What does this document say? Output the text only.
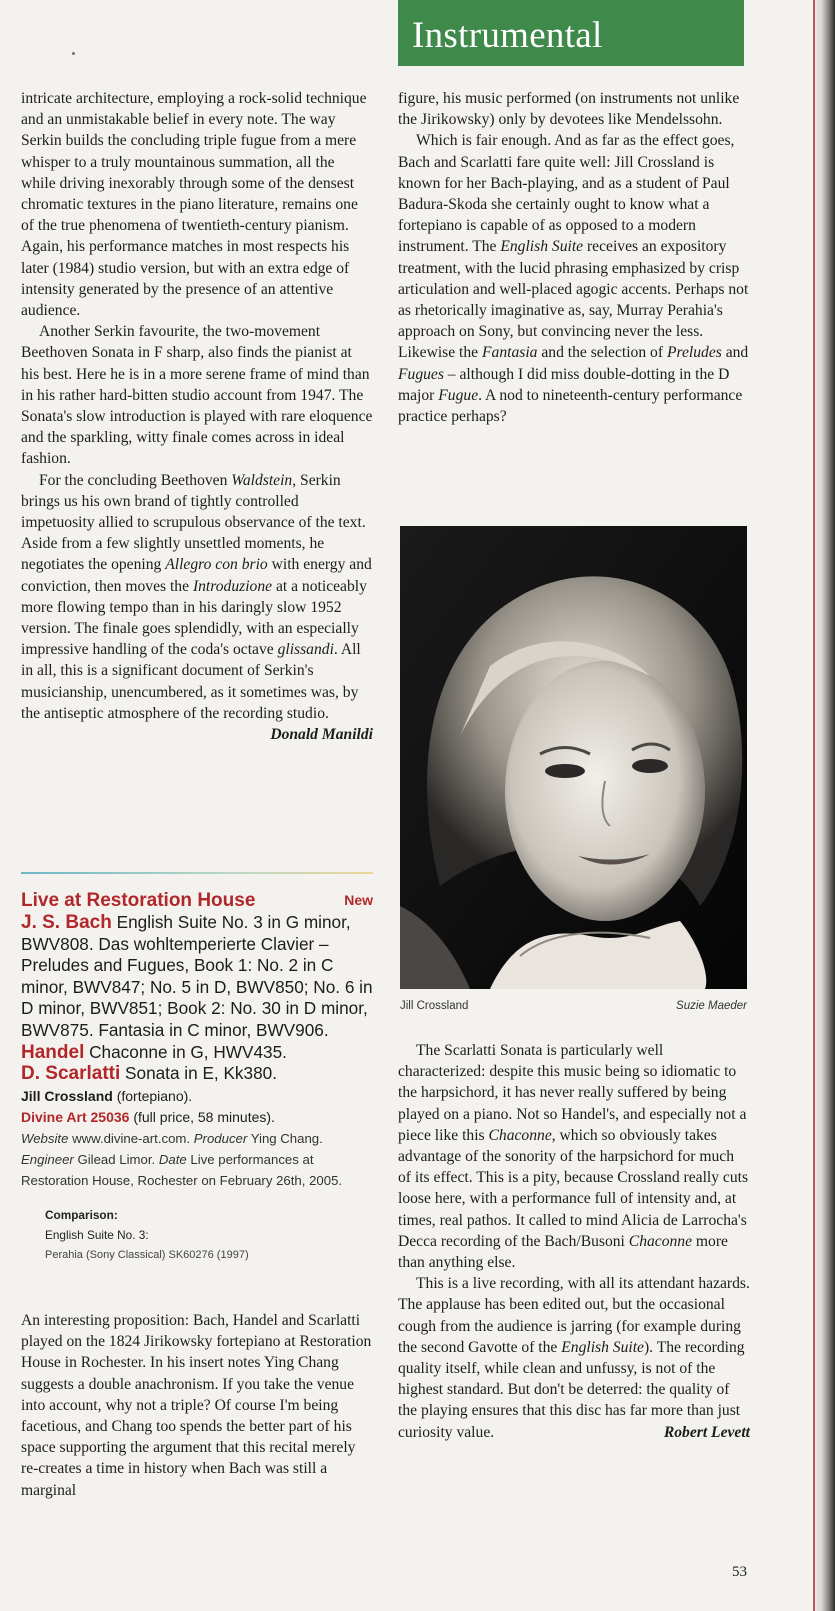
Instrumental

intricate architecture, employing a rock-solid technique and an unmistakable belief in every note. The way Serkin builds the concluding triple fugue from a mere whisper to a truly mountainous summation, all the while driving inexorably through some of the densest chromatic textures in the piano literature, remains one of the true phenomena of twentieth-century pianism. Again, his performance matches in most respects his later (1984) studio version, but with an extra edge of intensity generated by the presence of an attentive audience.

Another Serkin favourite, the two-movement Beethoven Sonata in F sharp, also finds the pianist at his best. Here he is in a more serene frame of mind than in his rather hard-bitten studio account from 1947. The Sonata's slow introduction is played with rare eloquence and the sparkling, witty finale comes across in ideal fashion.

For the concluding Beethoven Waldstein, Serkin brings us his own brand of tightly controlled impetuosity allied to scrupulous observance of the text. Aside from a few slightly unsettled moments, he negotiates the opening Allegro con brio with energy and conviction, then moves the Introduzione at a noticeably more flowing tempo than in his daringly slow 1952 version. The finale goes splendidly, with an especially impressive handling of the coda's octave glissandi. All in all, this is a significant document of Serkin's musicianship, unencumbered, as it sometimes was, by the antiseptic atmosphere of the recording studio.
Donald Manildi

Live at Restoration House	New

J. S. Bach English Suite No. 3 in G minor, BWV808. Das wohltemperierte Clavier – Preludes and Fugues, Book 1: No. 2 in C minor, BWV847; No. 5 in D, BWV850; No. 6 in D minor, BWV851; Book 2: No. 30 in D minor, BWV875. Fantasia in C minor, BWV906.

Handel Chaconne in G, HWV435.

D. Scarlatti Sonata in E, Kk380.

Jill Crossland (fortepiano).

Divine Art 25036 (full price, 58 minutes).

Website www.divine-art.com. Producer Ying Chang. Engineer Gilead Limor. Date Live performances at Restoration House, Rochester on February 26th, 2005.

Comparison:
English Suite No. 3:
Perahia (Sony Classical) SK60276 (1997)

An interesting proposition: Bach, Handel and Scarlatti played on the 1824 Jirikowsky fortepiano at Restoration House in Rochester. In his insert notes Ying Chang suggests a double anachronism. If you take the venue into account, why not a triple? Of course I'm being facetious, and Chang too spends the better part of his space supporting the argument that this recital merely re-creates a time in history when Bach was still a marginal

figure, his music performed (on instruments not unlike the Jirikowsky) only by devotees like Mendelssohn.

Which is fair enough. And as far as the effect goes, Bach and Scarlatti fare quite well: Jill Crossland is known for her Bach-playing, and as a student of Paul Badura-Skoda she certainly ought to know what a fortepiano is capable of as opposed to a modern instrument. The English Suite receives an expository treatment, with the lucid phrasing emphasized by crisp articulation and well-placed agogic accents. Perhaps not as rhetorically imaginative as, say, Murray Perahia's approach on Sony, but convincing never the less. Likewise the Fantasia and the selection of Preludes and Fugues – although I did miss double-dotting in the D major Fugue. A nod to nineteenth-century performance practice perhaps?

Jill Crossland	Suzie Maeder

The Scarlatti Sonata is particularly well characterized: despite this music being so idiomatic to the harpsichord, it has never really suffered by being played on a piano. Not so Handel's, and especially not a piece like this Chaconne, which so obviously takes advantage of the sonority of the harpsichord for much of its effect. This is a pity, because Crossland really cuts loose here, with a performance full of intensity and, at times, real pathos. It called to mind Alicia de Larrocha's Decca recording of the Bach/Busoni Chaconne more than anything else.

This is a live recording, with all its attendant hazards. The applause has been edited out, but the occasional cough from the audience is jarring (for example during the second Gavotte of the English Suite). The recording quality itself, while clean and unfussy, is not of the highest standard. But don't be deterred: the quality of the playing ensures that this disc has far more than just curiosity value.	Robert Levett

53
